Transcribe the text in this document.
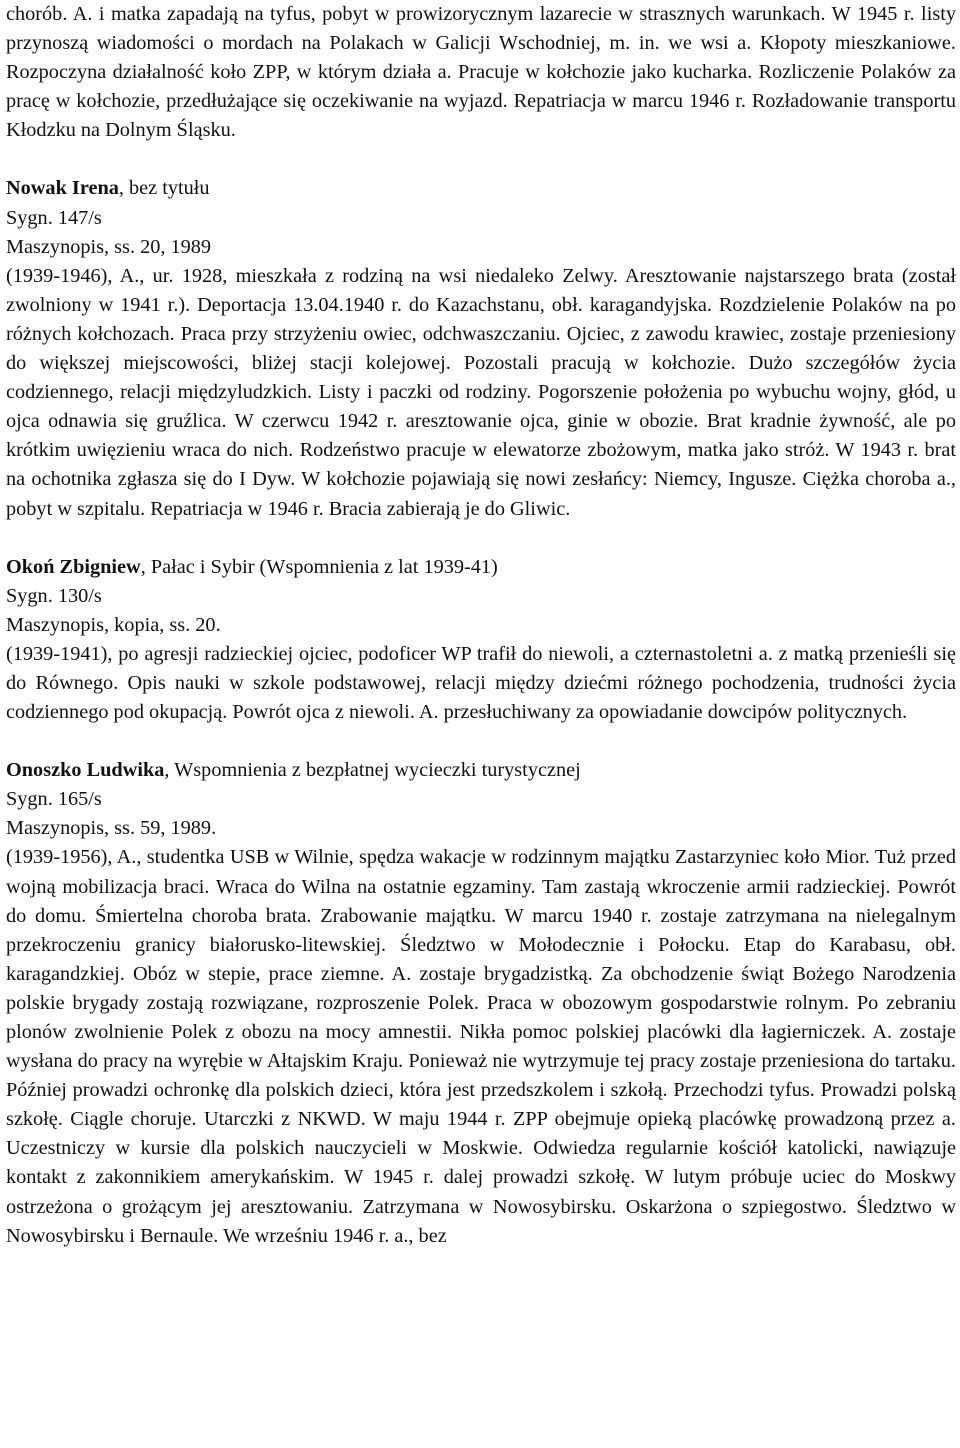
chorób. A. i matka zapadają na tyfus, pobyt w prowizorycznym lazarecie w strasznych warunkach. W 1945 r. listy przynoszą wiadomości o mordach na Polakach w Galicji Wschodniej, m. in. we wsi a. Kłopoty mieszkaniowe. Rozpoczyna działalność koło ZPP, w którym działa a. Pracuje w kołchozie jako kucharka. Rozliczenie Polaków za pracę w kołchozie, przedłużające się oczekiwanie na wyjazd. Repatriacja w marcu 1946 r. Rozładowanie transportu Kłodzku na Dolnym Śląsku.

Nowak Irena, bez tytułu

Sygn. 147/s

Maszynopis, ss. 20, 1989

(1939-1946), A., ur. 1928, mieszkała z rodziną na wsi niedaleko Zelwy. Aresztowanie najstarszego brata (został zwolniony w 1941 r.). Deportacja 13.04.1940 r. do Kazachstanu, obł. karagandyjska. Rozdzielenie Polaków na po różnych kołchozach. Praca przy strzyżeniu owiec, odchwaszczaniu. Ojciec, z zawodu krawiec, zostaje przeniesiony do większej miejscowości, bliżej stacji kolejowej. Pozostali pracują w kołchozie. Dużo szczegółów życia codziennego, relacji międzyludzkich. Listy i paczki od rodziny. Pogorszenie położenia po wybuchu wojny, głód, u ojca odnawia się gruźlica. W czerwcu 1942 r. aresztowanie ojca, ginie w obozie. Brat kradnie żywność, ale po krótkim uwięzieniu wraca do nich. Rodzeństwo pracuje w elewatorze zbożowym, matka jako stróż. W 1943 r. brat na ochotnika zgłasza się do I Dyw. W kołchozie pojawiają się nowi zesłańcy: Niemcy, Ingusze. Ciężka choroba a., pobyt w szpitalu. Repatriacja w 1946 r. Bracia zabierają je do Gliwic.

Okoń Zbigniew, Pałac i Sybir (Wspomnienia z lat 1939-41)

Sygn. 130/s

Maszynopis, kopia, ss. 20.

(1939-1941), po agresji radzieckiej ojciec, podoficer WP trafił do niewoli, a czternastoletni a. z matką przenieśli się do Równego. Opis nauki w szkole podstawowej, relacji między dziećmi różnego pochodzenia, trudności życia codziennego pod okupacją. Powrót ojca z niewoli. A. przesłuchiwany za opowiadanie dowcipów politycznych.

Onoszko Ludwika, Wspomnienia z bezpłatnej wycieczki turystycznej

Sygn. 165/s

Maszynopis, ss. 59, 1989.

(1939-1956), A., studentka USB w Wilnie, spędza wakacje w rodzinnym majątku Zastarzyniec koło Mior. Tuż przed wojną mobilizacja braci. Wraca do Wilna na ostatnie egzaminy. Tam zastają wkroczenie armii radzieckiej. Powrót do domu. Śmiertelna choroba brata. Zrabowanie majątku. W marcu 1940 r. zostaje zatrzymana na nielegalnym przekroczeniu granicy białorusko-litewskiej. Śledztwo w Mołodecznie i Połocku. Etap do Karabasu, obł. karagandzkiej. Obóz w stepie, prace ziemne. A. zostaje brygadzistką. Za obchodzenie świąt Bożego Narodzenia polskie brygady zostają rozwiązane, rozproszenie Polek. Praca w obozowym gospodarstwie rolnym. Po zebraniu plonów zwolnienie Polek z obozu na mocy amnestii. Nikła pomoc polskiej placówki dla łagierniczek. A. zostaje wysłana do pracy na wyrębie w Ałtajskim Kraju. Ponieważ nie wytrzymuje tej pracy zostaje przeniesiona do tartaku. Później prowadzi ochronkę dla polskich dzieci, która jest przedszkolem i szkołą. Przechodzi tyfus. Prowadzi polską szkołę. Ciągle choruje. Utarczki z NKWD. W maju 1944 r. ZPP obejmuje opieką placówkę prowadzoną przez a. Uczestniczy w kursie dla polskich nauczycieli w Moskwie. Odwiedza regularnie kościół katolicki, nawiązuje kontakt z zakonnikiem amerykańskim. W 1945 r. dalej prowadzi szkołę. W lutym próbuje uciec do Moskwy ostrzeżona o grożącym jej aresztowaniu. Zatrzymana w Nowosybirsku. Oskarżona o szpiegostwo. Śledztwo w Nowosybirsku i Bernaule. We wrześniu 1946 r. a., bez
